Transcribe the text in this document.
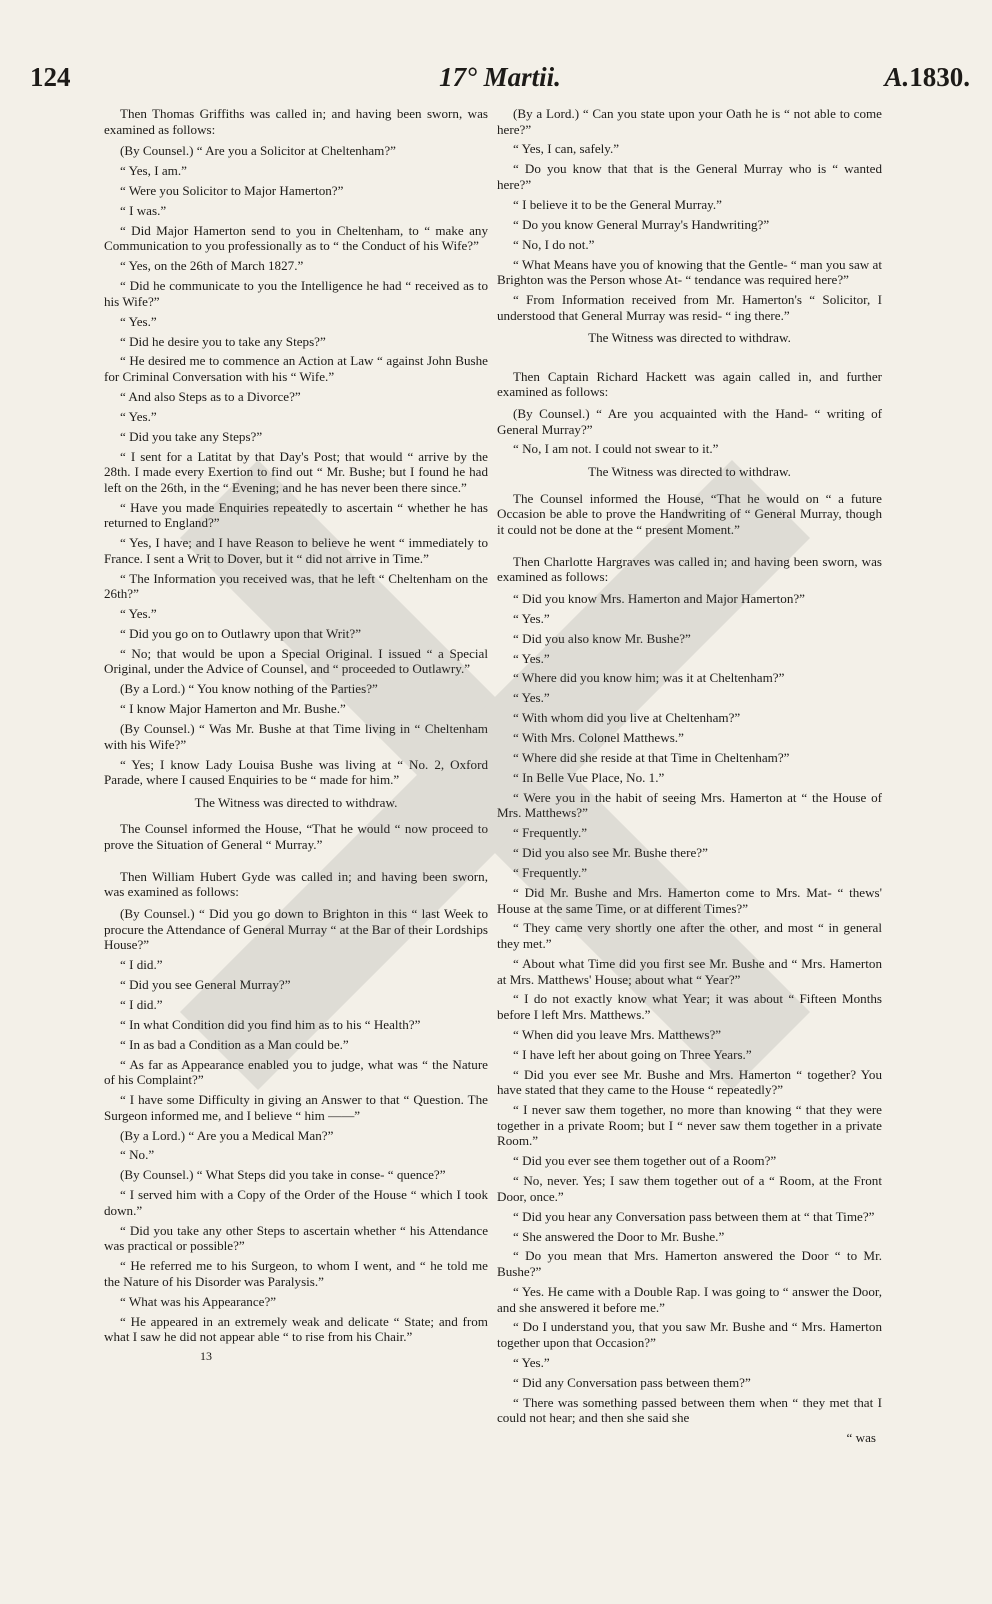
124	17° Martii.	A.1830.
Then Thomas Griffiths was called in; and having been sworn, was examined as follows:
(By Counsel.) “ Are you a Solicitor at Cheltenham?”
“ Yes, I am.”
“ Were you Solicitor to Major Hamerton?”
“ I was.”
“ Did Major Hamerton send to you in Cheltenham, to “ make any Communication to you professionally as to “ the Conduct of his Wife?”
“ Yes, on the 26th of March 1827.”
“ Did he communicate to you the Intelligence he had “ received as to his Wife?”
“ Yes.”
“ Did he desire you to take any Steps?”
“ He desired me to commence an Action at Law “ against John Bushe for Criminal Conversation with his “ Wife.”
“ And also Steps as to a Divorce?”
“ Yes.”
“ Did you take any Steps?”
“ I sent for a Latitat by that Day's Post; that would “ arrive by the 28th. I made every Exertion to find out “ Mr. Bushe; but I found he had left on the 26th, in the “ Evening; and he has never been there since.”
“ Have you made Enquiries repeatedly to ascertain “ whether he has returned to England?”
“ Yes, I have; and I have Reason to believe he went “ immediately to France. I sent a Writ to Dover, but it “ did not arrive in Time.”
“ The Information you received was, that he left “ Cheltenham on the 26th?”
“ Yes.”
“ Did you go on to Outlawry upon that Writ?”
“ No; that would be upon a Special Original. I issued “ a Special Original, under the Advice of Counsel, and “ proceeded to Outlawry.”
(By a Lord.) “ You know nothing of the Parties?”
“ I know Major Hamerton and Mr. Bushe.”
(By Counsel.) “ Was Mr. Bushe at that Time living in “ Cheltenham with his Wife?”
“ Yes; I know Lady Louisa Bushe was living at “ No. 2, Oxford Parade, where I caused Enquiries to be “ made for him.”
The Witness was directed to withdraw.
The Counsel informed the House, “That he would “ now proceed to prove the Situation of General “ Murray.”
Then William Hubert Gyde was called in; and having been sworn, was examined as follows:
(By Counsel.) “ Did you go down to Brighton in this “ last Week to procure the Attendance of General Murray “ at the Bar of their Lordships House?”
“ I did.”
“ Did you see General Murray?”
“ I did.”
“ In what Condition did you find him as to his “ Health?”
“ In as bad a Condition as a Man could be.”
“ As far as Appearance enabled you to judge, what was “ the Nature of his Complaint?”
“ I have some Difficulty in giving an Answer to that “ Question. The Surgeon informed me, and I believe “ him ——”
(By a Lord.) “ Are you a Medical Man?”
“ No.”
(By Counsel.) “ What Steps did you take in conse- “ quence?”
“ I served him with a Copy of the Order of the House “ which I took down.”
“ Did you take any other Steps to ascertain whether “ his Attendance was practical or possible?”
“ He referred me to his Surgeon, to whom I went, and “ he told me the Nature of his Disorder was Paralysis.”
“ What was his Appearance?”
“ He appeared in an extremely weak and delicate “ State; and from what I saw he did not appear able “ to rise from his Chair.”
13
(By a Lord.) “ Can you state upon your Oath he is “ not able to come here?”
“ Yes, I can, safely.”
“ Do you know that that is the General Murray who is “ wanted here?”
“ I believe it to be the General Murray.”
“ Do you know General Murray's Handwriting?”
“ No, I do not.”
“ What Means have you of knowing that the Gentle- “ man you saw at Brighton was the Person whose At- “ tendance was required here?”
“ From Information received from Mr. Hamerton's “ Solicitor, I understood that General Murray was resid- “ ing there.”
The Witness was directed to withdraw.
Then Captain Richard Hackett was again called in, and further examined as follows:
(By Counsel.) “ Are you acquainted with the Hand- “ writing of General Murray?”
“ No, I am not. I could not swear to it.”
The Witness was directed to withdraw.
The Counsel informed the House, “That he would on “ a future Occasion be able to prove the Handwriting of “ General Murray, though it could not be done at the “ present Moment.”
Then Charlotte Hargraves was called in; and having been sworn, was examined as follows:
“ Did you know Mrs. Hamerton and Major Hamerton?”
“ Yes.”
“ Did you also know Mr. Bushe?”
“ Yes.”
“ Where did you know him; was it at Cheltenham?”
“ Yes.”
“ With whom did you live at Cheltenham?”
“ With Mrs. Colonel Matthews.”
“ Where did she reside at that Time in Cheltenham?”
“ In Belle Vue Place, No. 1.”
“ Were you in the habit of seeing Mrs. Hamerton at “ the House of Mrs. Matthews?”
“ Frequently.”
“ Did you also see Mr. Bushe there?”
“ Frequently.”
“ Did Mr. Bushe and Mrs. Hamerton come to Mrs. Mat- “ thews' House at the same Time, or at different Times?”
“ They came very shortly one after the other, and most “ in general they met.”
“ About what Time did you first see Mr. Bushe and “ Mrs. Hamerton at Mrs. Matthews' House; about what “ Year?”
“ I do not exactly know what Year; it was about “ Fifteen Months before I left Mrs. Matthews.”
“ When did you leave Mrs. Matthews?”
“ I have left her about going on Three Years.”
“ Did you ever see Mr. Bushe and Mrs. Hamerton “ together? You have stated that they came to the House “ repeatedly?”
“ I never saw them together, no more than knowing “ that they were together in a private Room; but I “ never saw them together in a private Room.”
“ Did you ever see them together out of a Room?”
“ No, never. Yes; I saw them together out of a “ Room, at the Front Door, once.”
“ Did you hear any Conversation pass between them at “ that Time?”
“ She answered the Door to Mr. Bushe.”
“ Do you mean that Mrs. Hamerton answered the Door “ to Mr. Bushe?”
“ Yes. He came with a Double Rap. I was going to “ answer the Door, and she answered it before me.”
“ Do I understand you, that you saw Mr. Bushe and “ Mrs. Hamerton together upon that Occasion?”
“ Yes.”
“ Did any Conversation pass between them?”
“ There was something passed between them when “ they met that I could not hear; and then she said she
“ was
